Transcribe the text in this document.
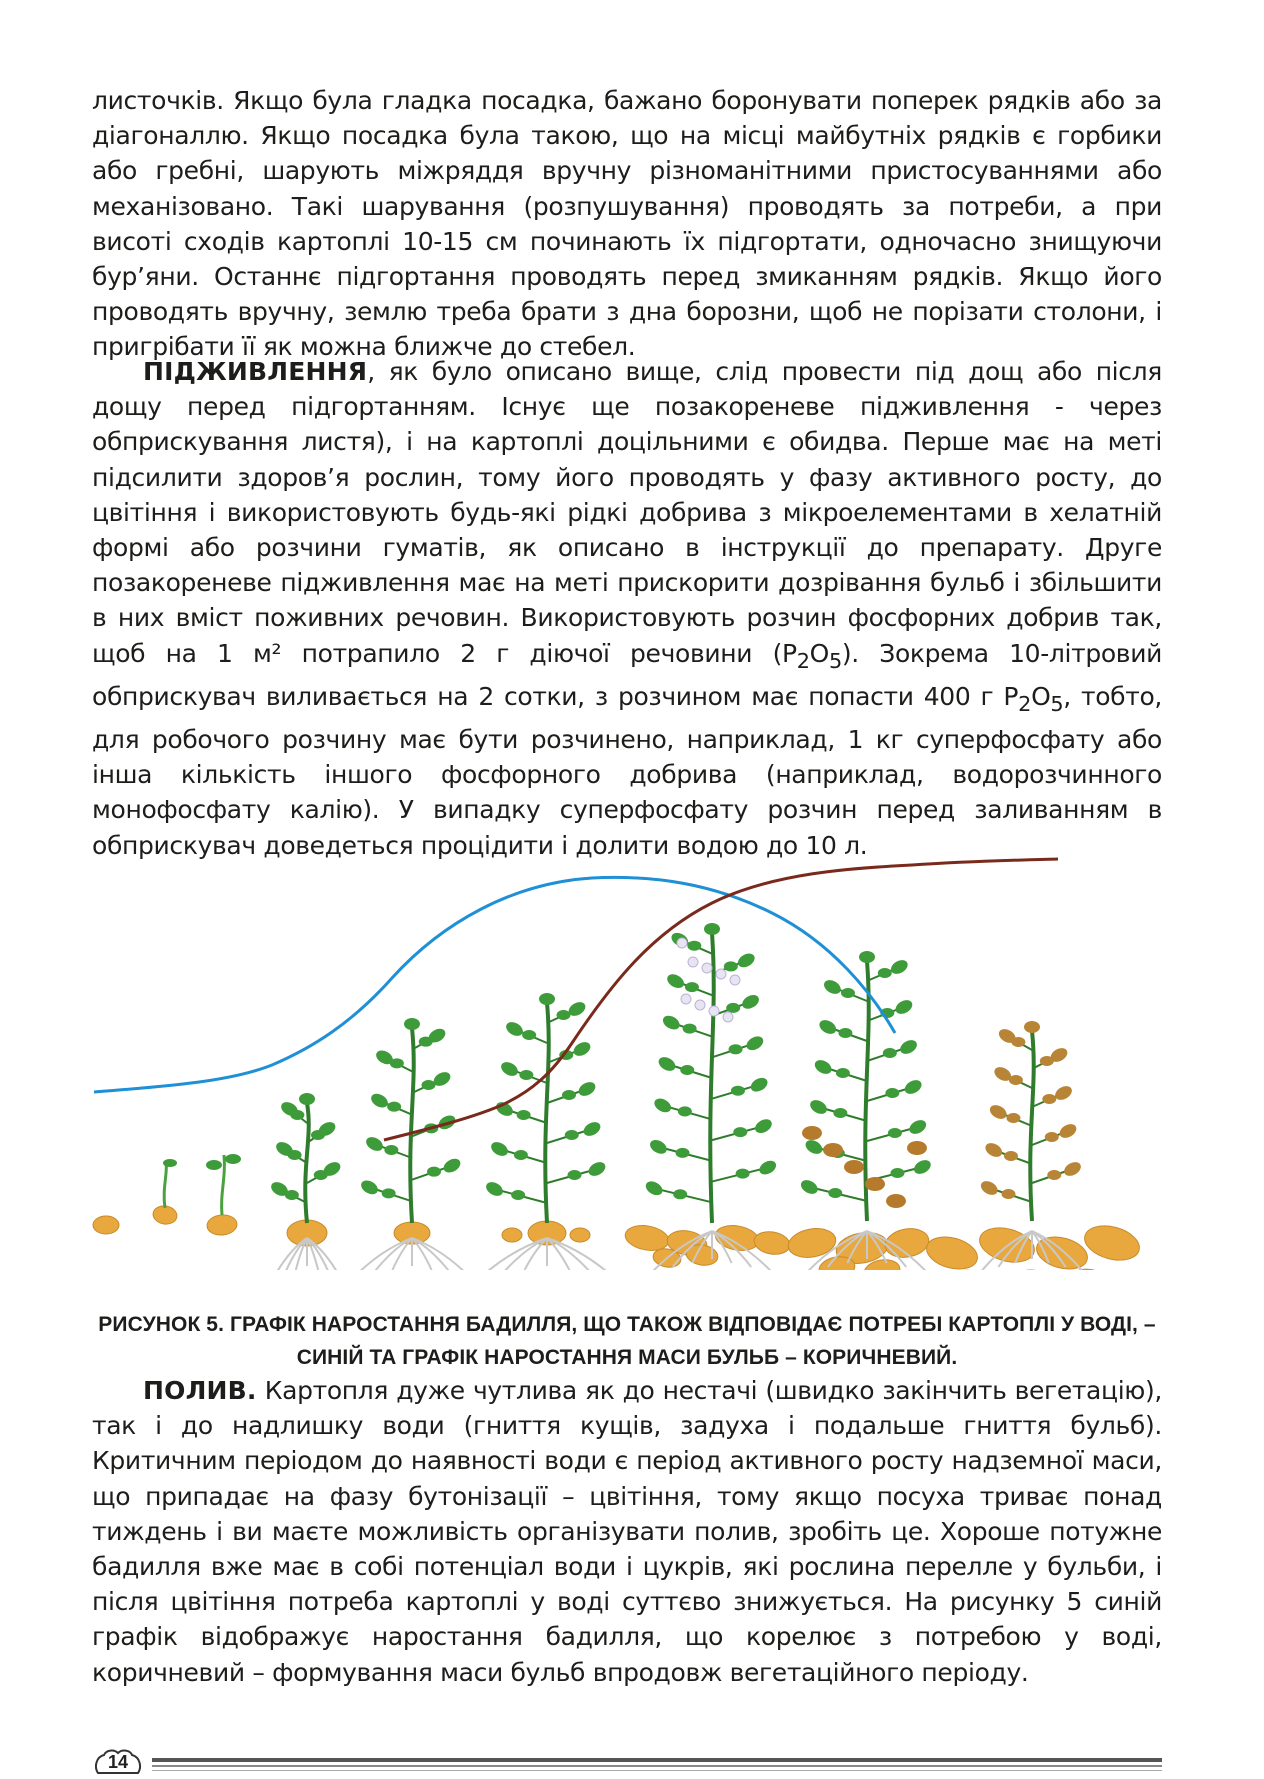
листочків. Якщо була гладка посадка, бажано боронувати поперек рядків або за діагоналлю. Якщо посадка була такою, що на місці майбутніх рядків є горбики або гребні, шарують міжряддя вручну різноманітними пристосуваннями або механізовано. Такі шарування (розпушування) проводять за потреби, а при висоті сходів картоплі 10-15 см починають їх підгортати, одночасно знищуючи бур’яни. Останнє підгортання проводять перед змиканням рядків. Якщо його проводять вручну, землю треба брати з дна борозни, щоб не порізати столони, і пригрібати її як можна ближче до стебел.

ПІДЖИВЛЕННЯ, як було описано вище, слід провести під дощ або після дощу перед підгортанням. Існує ще позакореневе підживлення - через обприскування листя), і на картоплі доцільними є обидва. Перше має на меті підсилити здоров’я рослин, тому його проводять у фазу активного росту, до цвітіння і використовують будь-які рідкі добрива з мікроелементами в хелатній формі або розчини гуматів, як описано в інструкції до препарату. Друге позакореневе підживлення має на меті прискорити дозрівання бульб і збільшити в них вміст поживних речовин. Використовують розчин фосфорних добрив так, щоб на 1 м² потрапило 2 г діючої речовини $(P_2O_5)$. Зокрема 10-літровий обприскувач виливається на 2 сотки, з розчином має попасти 400 г $P_2O_5$, тобто, для робочого розчину має бути розчинено, наприклад, 1 кг суперфосфату або інша кількість іншого фосфорного добрива (наприклад, водорозчинного монофосфату калію). У випадку суперфосфату розчин перед заливанням в обприскувач доведеться процідити і долити водою до 10 л.

РИСУНОК 5. ГРАФІК НАРОСТАННЯ БАДИЛЛЯ, ЩО ТАКОЖ ВІДПОВІДАЄ ПОТРЕБІ КАРТОПЛІ У ВОДІ, –
СИНІЙ ТА ГРАФІК НАРОСТАННЯ МАСИ БУЛЬБ – КОРИЧНЕВИЙ.

ПОЛИВ. Картопля дуже чутлива як до нестачі (швидко закінчить вегетацію), так і до надлишку води (гниття кущів, задуха і подальше гниття бульб). Критичним періодом до наявності води є період активного росту надземної маси, що припадає на фазу бутонізації – цвітіння, тому якщо посуха триває понад тиждень і ви маєте можливість організувати полив, зробіть це. Хороше потужне бадилля вже має в собі потенціал води і цукрів, які рослина перелле у бульби, і після цвітіння потреба картоплі у воді суттєво знижується. На рисунку 5 синій графік відображує наростання бадилля, що корелює з потребою у воді, коричневий – формування маси бульб впродовж вегетаційного періоду.

14
